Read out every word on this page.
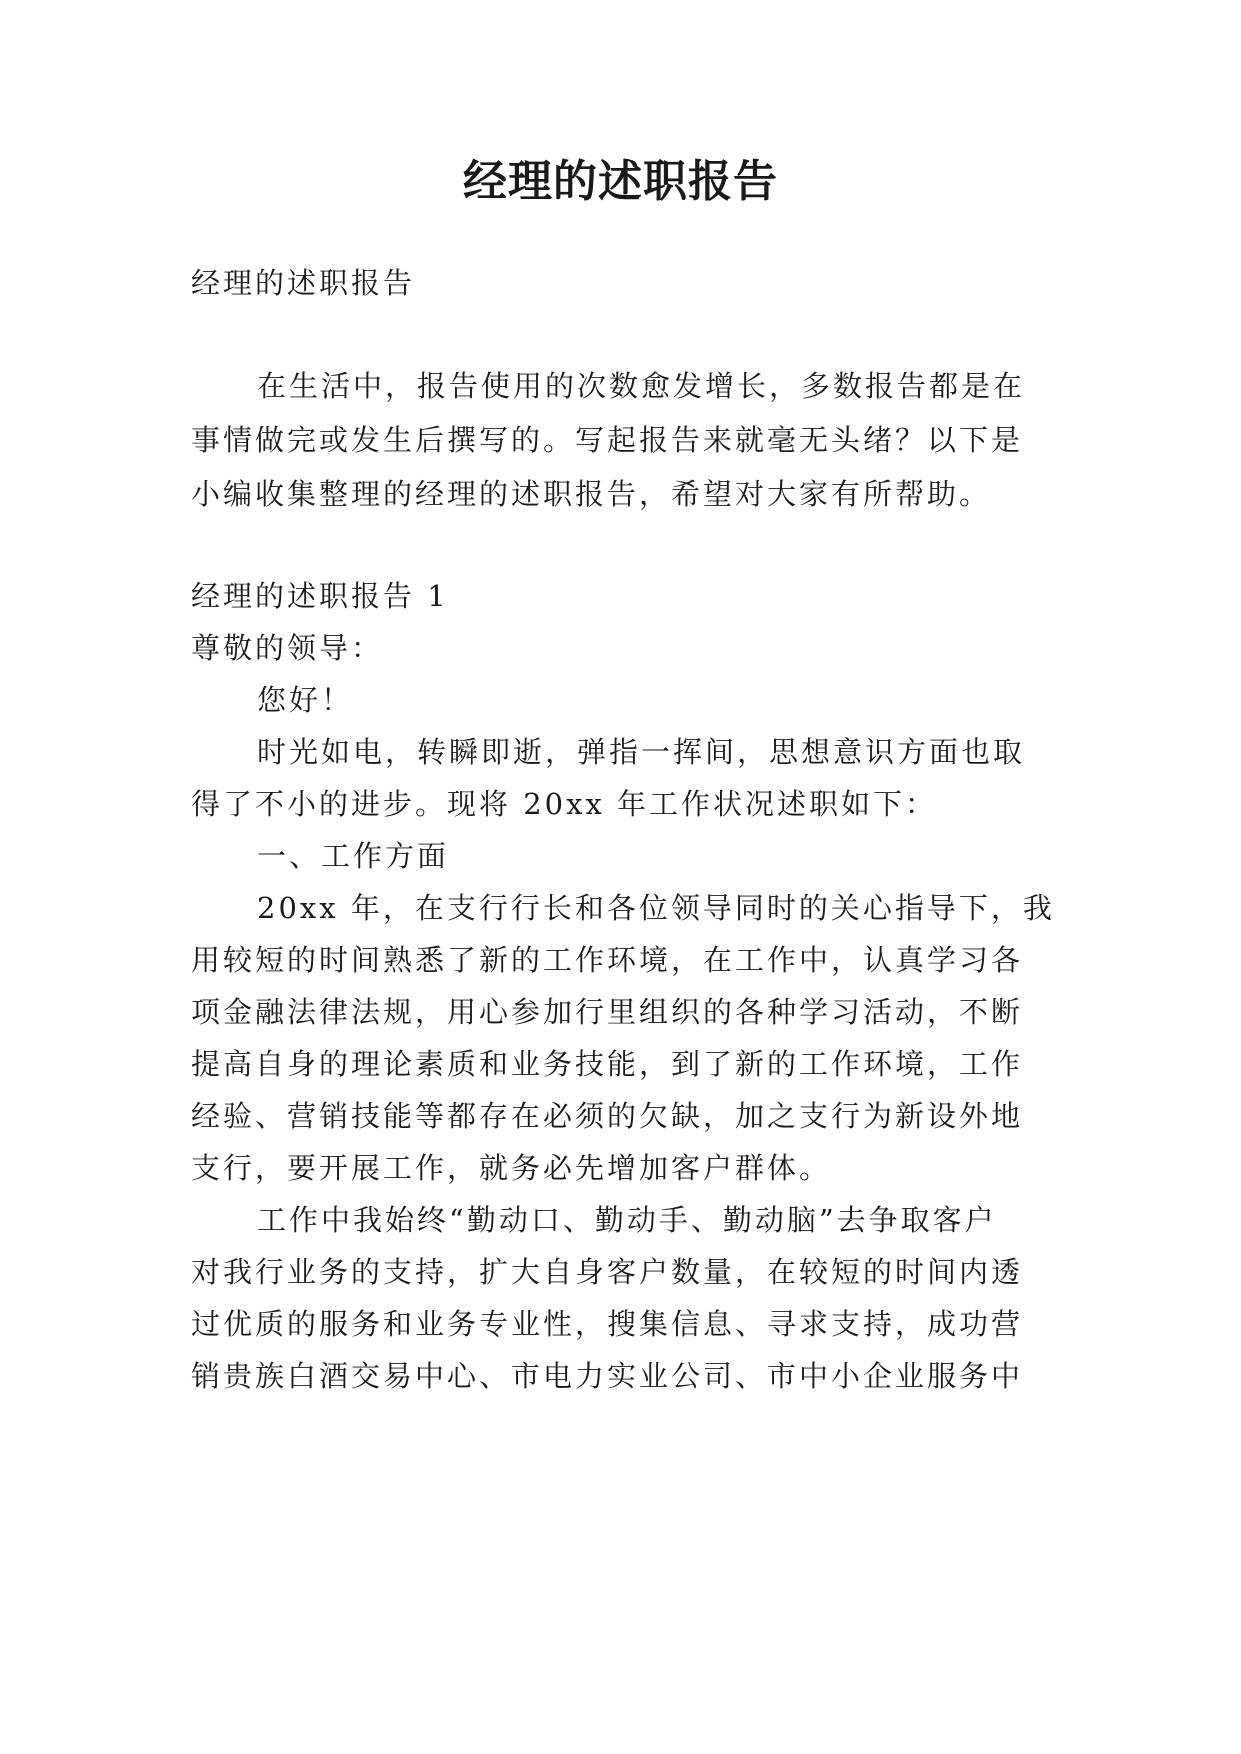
经理的述职报告
经理的述职报告
在生活中，报告使用的次数愈发增长，多数报告都是在
事情做完或发生后撰写的。写起报告来就毫无头绪？以下是
小编收集整理的经理的述职报告，希望对大家有所帮助。
经理的述职报告 1
尊敬的领导：
您好！
时光如电，转瞬即逝，弹指一挥间，思想意识方面也取
得了不小的进步。现将 20xx 年工作状况述职如下：
一、工作方面
20xx 年，在支行行长和各位领导同时的关心指导下，我
用较短的时间熟悉了新的工作环境，在工作中，认真学习各
项金融法律法规，用心参加行里组织的各种学习活动，不断
提高自身的理论素质和业务技能，到了新的工作环境，工作
经验、营销技能等都存在必须的欠缺，加之支行为新设外地
支行，要开展工作，就务必先增加客户群体。
工作中我始终“勤动口、勤动手、勤动脑”去争取客户
对我行业务的支持，扩大自身客户数量，在较短的时间内透
过优质的服务和业务专业性，搜集信息、寻求支持，成功营
销贵族白酒交易中心、市电力实业公司、市中小企业服务中
